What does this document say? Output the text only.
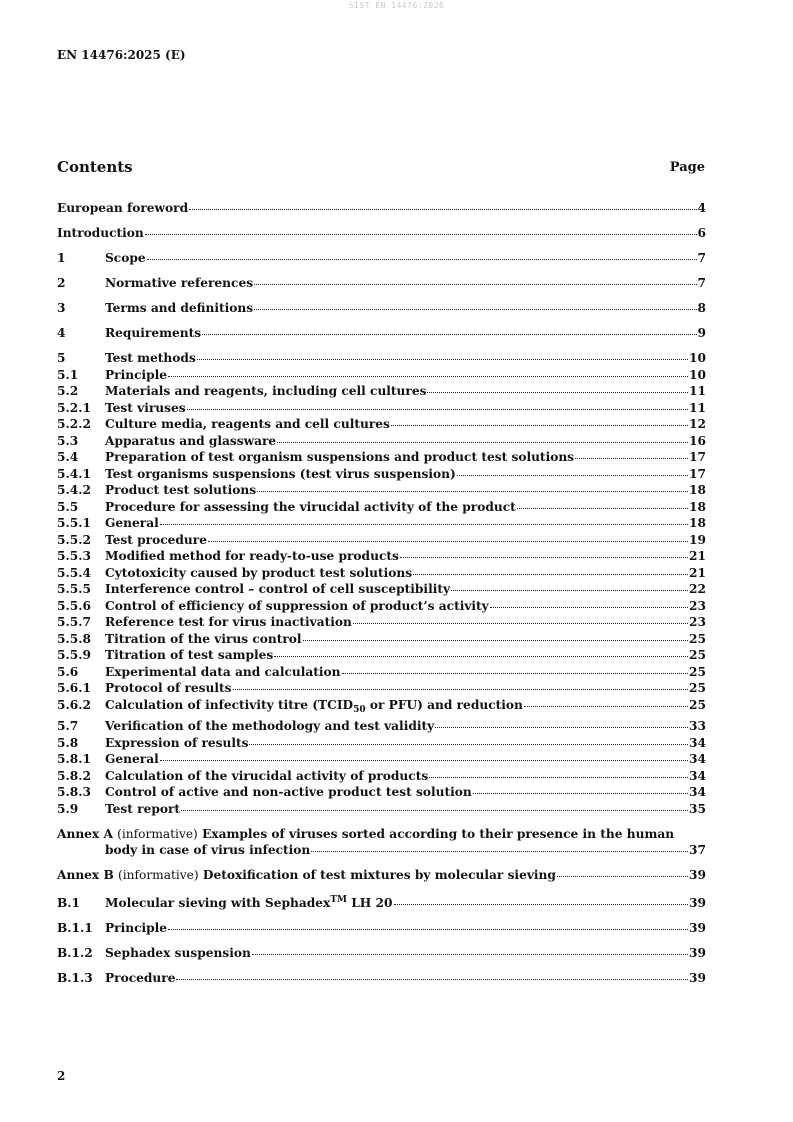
SIST EN 14476:2026
EN 14476:2025 (E)
Contents	Page
European foreword	4
Introduction	6
1	Scope	7
2	Normative references	7
3	Terms and definitions	8
4	Requirements	9
5	Test methods	10
5.1	Principle	10
5.2	Materials and reagents, including cell cultures	11
5.2.1	Test viruses	11
5.2.2	Culture media, reagents and cell cultures	12
5.3	Apparatus and glassware	16
5.4	Preparation of test organism suspensions and product test solutions	17
5.4.1	Test organisms suspensions (test virus suspension)	17
5.4.2	Product test solutions	18
5.5	Procedure for assessing the virucidal activity of the product	18
5.5.1	General	18
5.5.2	Test procedure	19
5.5.3	Modified method for ready-to-use products	21
5.5.4	Cytotoxicity caused by product test solutions	21
5.5.5	Interference control – control of cell susceptibility	22
5.5.6	Control of efficiency of suppression of product’s activity	23
5.5.7	Reference test for virus inactivation	23
5.5.8	Titration of the virus control	25
5.5.9	Titration of test samples	25
5.6	Experimental data and calculation	25
5.6.1	Protocol of results	25
5.6.2	Calculation of infectivity titre ($TCID_{50}$ or PFU) and reduction	25
5.7	Verification of the methodology and test validity	33
5.8	Expression of results	34
5.8.1	General	34
5.8.2	Calculation of the virucidal activity of products	34
5.8.3	Control of active and non-active product test solution	34
5.9	Test report	35
Annex A (informative) Examples of viruses sorted according to their presence in the human
body in case of virus infection	37
Annex B (informative) Detoxification of test mixtures by molecular sieving	39
B.1	Molecular sieving with Sephadex™ LH 20	39
B.1.1	Principle	39
B.1.2	Sephadex suspension	39
B.1.3	Procedure	39
2
